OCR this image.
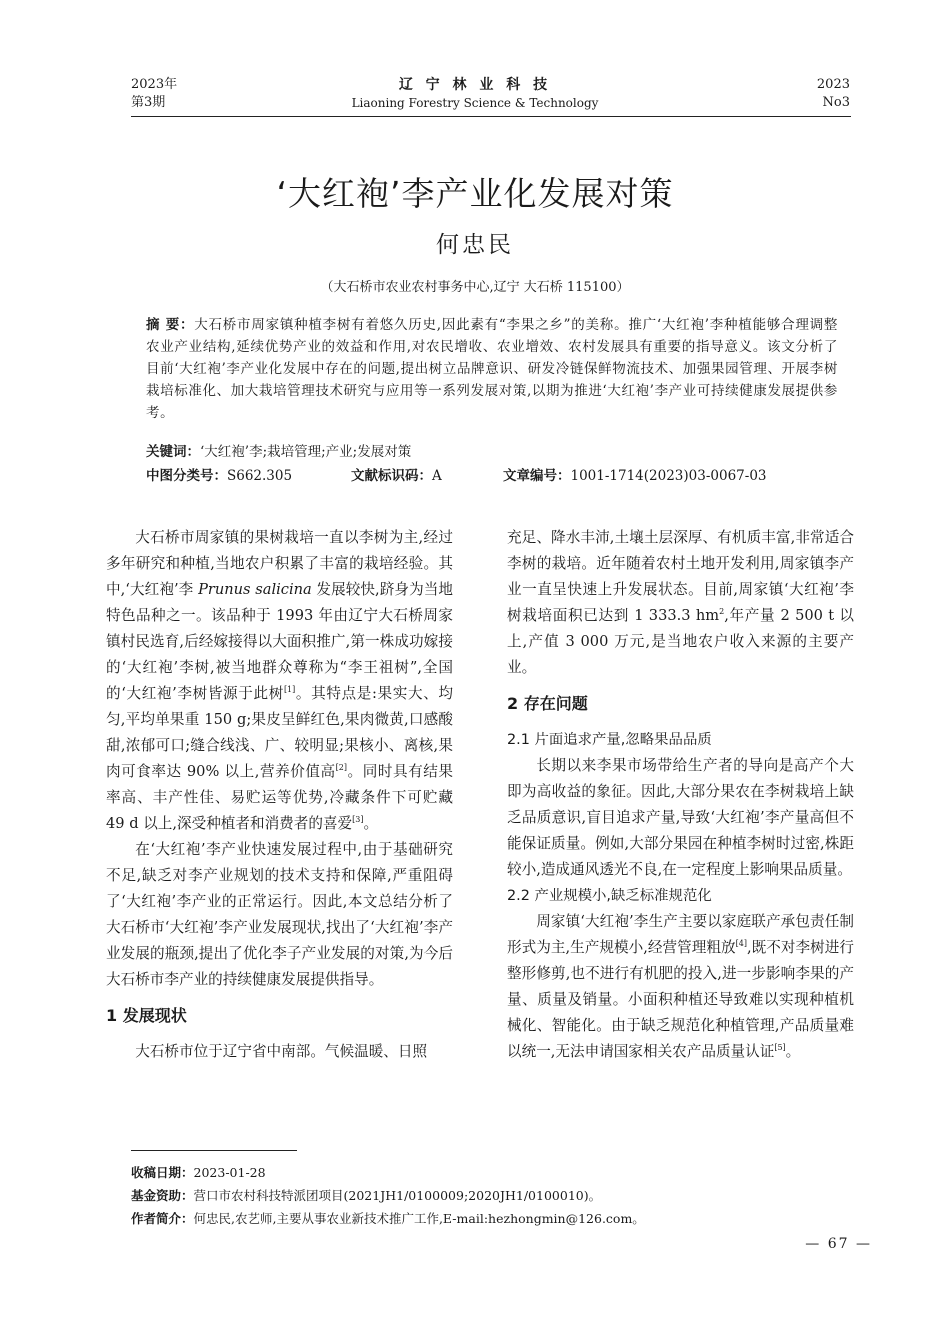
2023年
第3期
辽 宁 林 业 科 技
Liaoning Forestry Science & Technology
2023
No3
‘大红袍’李产业化发展对策
何忠民
（大石桥市农业农村事务中心,辽宁 大石桥 115100）
摘 要：大石桥市周家镇种植李树有着悠久历史,因此素有“李果之乡”的美称。推广‘大红袍’李种植能够合理调整农业产业结构,延续优势产业的效益和作用,对农民增收、农业增效、农村发展具有重要的指导意义。该文分析了目前‘大红袍’李产业化发展中存在的问题,提出树立品牌意识、研发冷链保鲜物流技术、加强果园管理、开展李树栽培标准化、加大栽培管理技术研究与应用等一系列发展对策,以期为推进‘大红袍’李产业可持续健康发展提供参考。
关键词：‘大红袍’李;栽培管理;产业;发展对策
中图分类号：S662.305	文献标识码：A	文章编号：1001-1714(2023)03-0067-03

大石桥市周家镇的果树栽培一直以李树为主,经过多年研究和种植,当地农户积累了丰富的栽培经验。其中,‘大红袍’李 Prunus salicina 发展较快,跻身为当地特色品种之一。该品种于 1993 年由辽宁大石桥周家镇村民选育,后经嫁接得以大面积推广,第一株成功嫁接的‘大红袍’李树,被当地群众尊称为“李王祖树”,全国的‘大红袍’李树皆源于此树[1]。其特点是:果实大、均匀,平均单果重 150 g;果皮呈鲜红色,果肉微黄,口感酸甜,浓郁可口;缝合线浅、广、较明显;果核小、离核,果肉可食率达 90% 以上,营养价值高[2]。同时具有结果率高、丰产性佳、易贮运等优势,冷藏条件下可贮藏 49 d 以上,深受种植者和消费者的喜爱[3]。

在‘大红袍’李产业快速发展过程中,由于基础研究不足,缺乏对李产业规划的技术支持和保障,严重阻碍了‘大红袍’李产业的正常运行。因此,本文总结分析了大石桥市‘大红袍’李产业发展现状,找出了‘大红袍’李产业发展的瓶颈,提出了优化李子产业发展的对策,为今后大石桥市李产业的持续健康发展提供指导。

1 发展现状

大石桥市位于辽宁省中南部。气候温暖、日照

充足、降水丰沛,土壤土层深厚、有机质丰富,非常适合李树的栽培。近年随着农村土地开发利用,周家镇李产业一直呈快速上升发展状态。目前,周家镇‘大红袍’李树栽培面积已达到 1 333.3 $hm^2$,年产量 2 500 t 以上,产值 3 000 万元,是当地农户收入来源的主要产业。

2 存在问题
2.1 片面追求产量,忽略果品品质

长期以来李果市场带给生产者的导向是高产个大即为高收益的象征。因此,大部分果农在李树栽培上缺乏品质意识,盲目追求产量,导致‘大红袍’李产量高但不能保证质量。例如,大部分果园在种植李树时过密,株距较小,造成通风透光不良,在一定程度上影响果品质量。

2.2 产业规模小,缺乏标准规范化

周家镇‘大红袍’李生产主要以家庭联产承包责任制形式为主,生产规模小,经营管理粗放[4],既不对李树进行整形修剪,也不进行有机肥的投入,进一步影响李果的产量、质量及销量。小面积种植还导致难以实现种植机械化、智能化。由于缺乏规范化种植管理,产品质量难以统一,无法申请国家相关农产品质量认证[5]。

收稿日期：2023-01-28
基金资助：营口市农村科技特派团项目(2021JH1/0100009;2020JH1/0100010)。
作者简介：何忠民,农艺师,主要从事农业新技术推广工作,E-mail:hezhongmin@126.com。
— 67 —
